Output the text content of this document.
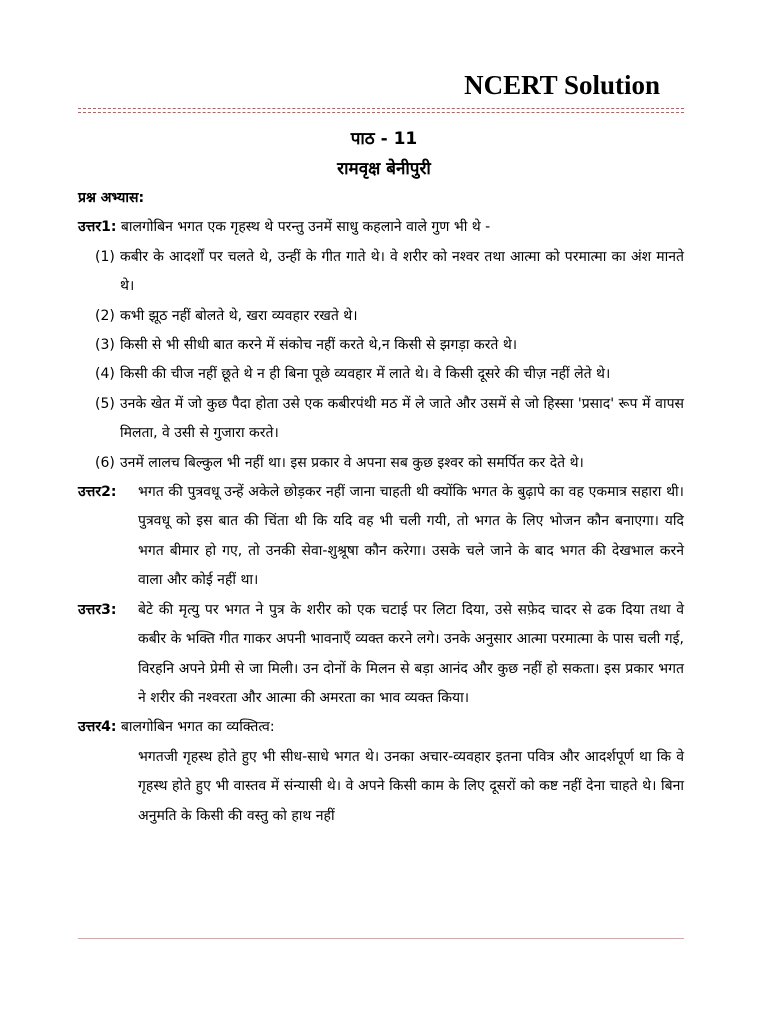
NCERT Solution
पाठ - 11
रामवृक्ष बेनीपुरी
प्रश्न अभ्यास:
उत्तर1: बालगोबिन भगत एक गृहस्थ थे परन्तु उनमें साधु कहलाने वाले गुण भी थे -
(1) कबीर के आदर्शों पर चलते थे, उन्हीं के गीत गाते थे। वे शरीर को नश्वर तथा आत्मा को परमात्मा का अंश मानते थे।
(2) कभी झूठ नहीं बोलते थे, खरा व्यवहार रखते थे।
(3) किसी से भी सीधी बात करने में संकोच नहीं करते थे,न किसी से झगड़ा करते थे।
(4) किसी की चीज नहीं छूते थे न ही बिना पूछे व्यवहार में लाते थे। वे किसी दूसरे की चीज़ नहीं लेते थे।
(5) उनके खेत में जो कुछ पैदा होता उसे एक कबीरपंथी मठ में ले जाते और उसमें से जो हिस्सा 'प्रसाद' रूप में वापस मिलता, वे उसी से गुजारा करते।
(6) उनमें लालच बिल्कुल भी नहीं था। इस प्रकार वे अपना सब कुछ इश्वर को समर्पित कर देते थे।
उत्तर2:	भगत की पुत्रवधू उन्हें अकेले छोड़कर नहीं जाना चाहती थी क्योंकि भगत के बुढ़ापे का वह एकमात्र सहारा थी। पुत्रवधू को इस बात की चिंता थी कि यदि वह भी चली गयी, तो भगत के लिए भोजन कौन बनाएगा। यदि भगत बीमार हो गए, तो उनकी सेवा-शुश्रूषा कौन करेगा। उसके चले जाने के बाद भगत की देखभाल करने वाला और कोई नहीं था।
उत्तर3:	बेटे की मृत्यु पर भगत ने पुत्र के शरीर को एक चटाई पर लिटा दिया, उसे सफ़ेद चादर से ढक दिया तथा वे कबीर के भक्ति गीत गाकर अपनी भावनाएँ व्यक्त करने लगे। उनके अनुसार आत्मा परमात्मा के पास चली गई, विरहनि अपने प्रेमी से जा मिली। उन दोनों के मिलन से बड़ा आनंद और कुछ नहीं हो सकता। इस प्रकार भगत ने शरीर की नश्वरता और आत्मा की अमरता का भाव व्यक्त किया।
उत्तर4: बालगोबिन भगत का व्यक्तित्व:
भगतजी गृहस्थ होते हुए भी सीध-साधे भगत थे। उनका अचार-व्यवहार इतना पवित्र और आदर्शपूर्ण था कि वे गृहस्थ होते हुए भी वास्तव में संन्यासी थे। वे अपने किसी काम के लिए दूसरों को कष्ट नहीं देना चाहते थे। बिना अनुमति के किसी की वस्तु को हाथ नहीं
